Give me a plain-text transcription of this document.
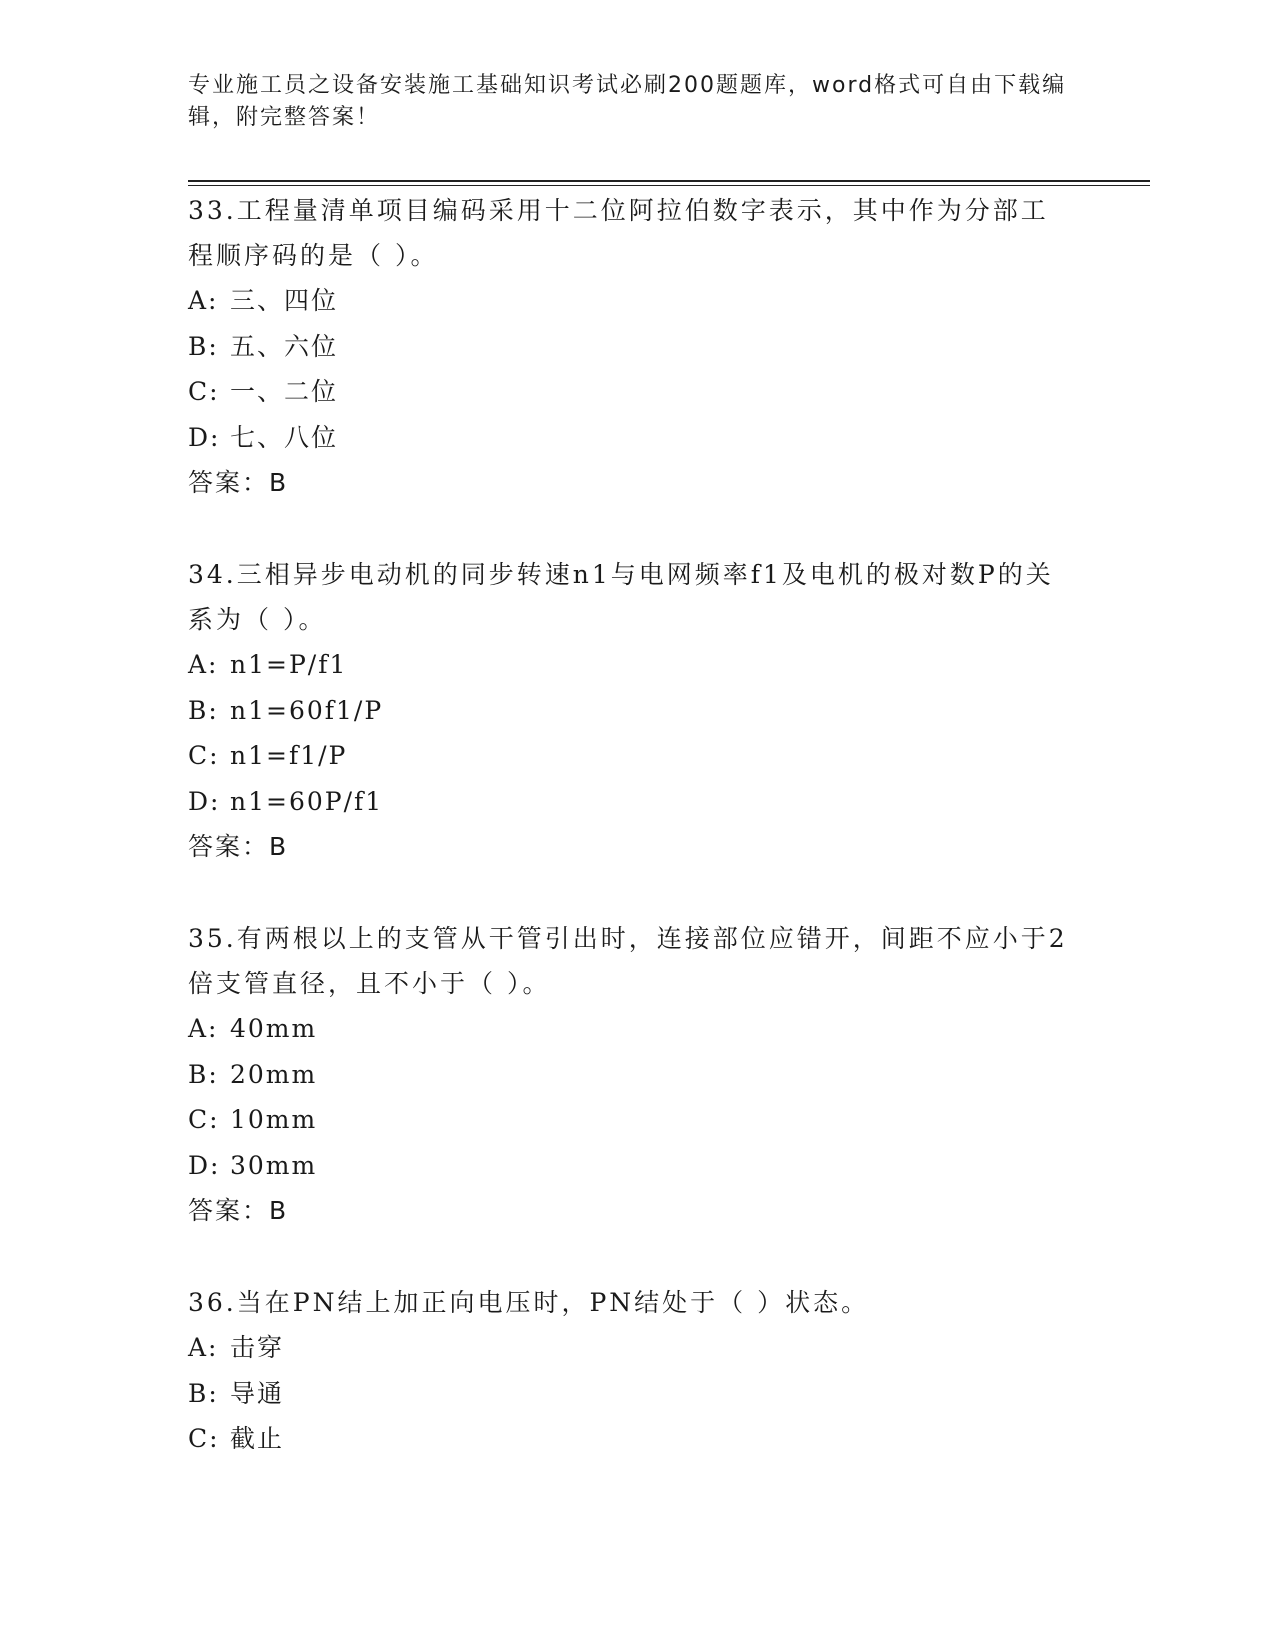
专业施工员之设备安装施工基础知识考试必刷200题题库，word格式可自由下载编辑，附完整答案！

33.工程量清单项目编码采用十二位阿拉伯数字表示，其中作为分部工程顺序码的是（ ）。

A: 三、四位

B: 五、六位

C: 一、二位

D: 七、八位

答案：B

34.三相异步电动机的同步转速n1与电网频率f1及电机的极对数P的关系为（ ）。

A: n1=P/f1

B: n1=60f1/P

C: n1=f1/P

D: n1=60P/f1

答案：B

35.有两根以上的支管从干管引出时，连接部位应错开，间距不应小于2倍支管直径，且不小于（ ）。

A: 40mm

B: 20mm

C: 10mm

D: 30mm

答案：B

36.当在PN结上加正向电压时，PN结处于（ ）状态。

A: 击穿

B: 导通

C: 截止
